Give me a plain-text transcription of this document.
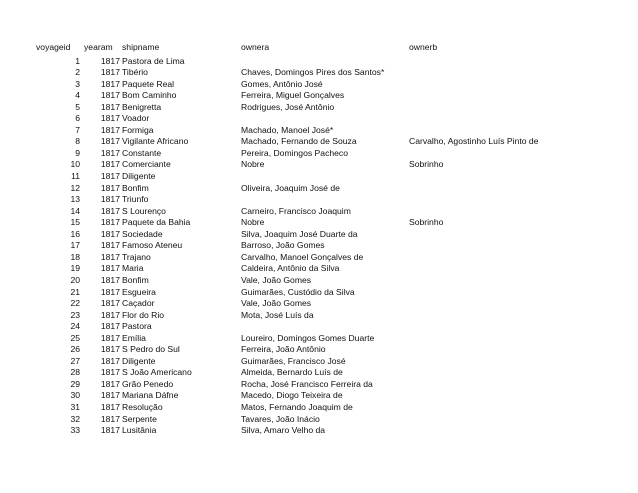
voyageid yearam shipname	ownera	ownerb
1	1817 Pastora de Lima
2	1817 Tibério	Chaves, Domingos Pires dos Santos*
3	1817 Paquete Real	Gomes, Antônio José
4	1817 Bom Caminho	Ferreira, Miguel Gonçalves
5	1817 Benigretta	Rodrigues, José Antônio
6	1817 Voador
7	1817 Formiga	Machado, Manoel José*
8	1817 Vigilante Africano	Machado, Fernando de Souza	Carvalho, Agostinho Luís Pinto de
9	1817 Constante	Pereira, Domingos Pacheco
10	1817 Comerciante	Nobre	Sobrinho
11	1817 Diligente
12	1817 Bonfim	Oliveira, Joaquim José de
13	1817 Triunfo
14	1817 S Lourenço	Carneiro, Francisco Joaquim
15	1817 Paquete da Bahia	Nobre	Sobrinho
16	1817 Sociedade	Silva, Joaquim José Duarte da
17	1817 Famoso Ateneu	Barroso, João Gomes
18	1817 Trajano	Carvalho, Manoel Gonçalves de
19	1817 Maria	Caldeira, Antônio da Silva
20	1817 Bonfim	Vale, João Gomes
21	1817 Esgueira	Guimarães, Custódio da Silva
22	1817 Caçador	Vale, João Gomes
23	1817 Flor do Rio	Mota, José Luís da
24	1817 Pastora
25	1817 Emília	Loureiro, Domingos Gomes Duarte
26	1817 S Pedro do Sul	Ferreira, João Antônio
27	1817 Diligente	Guimarães, Francisco José
28	1817 S João Americano	Almeida, Bernardo Luís de
29	1817 Grão Penedo	Rocha, José Francisco Ferreira da
30	1817 Mariana Dáfne	Macedo, Diogo Teixeira de
31	1817 Resolução	Matos, Fernando Joaquim de
32	1817 Serpente	Tavares, João Inácio
33	1817 Lusitânia	Silva, Amaro Velho da
